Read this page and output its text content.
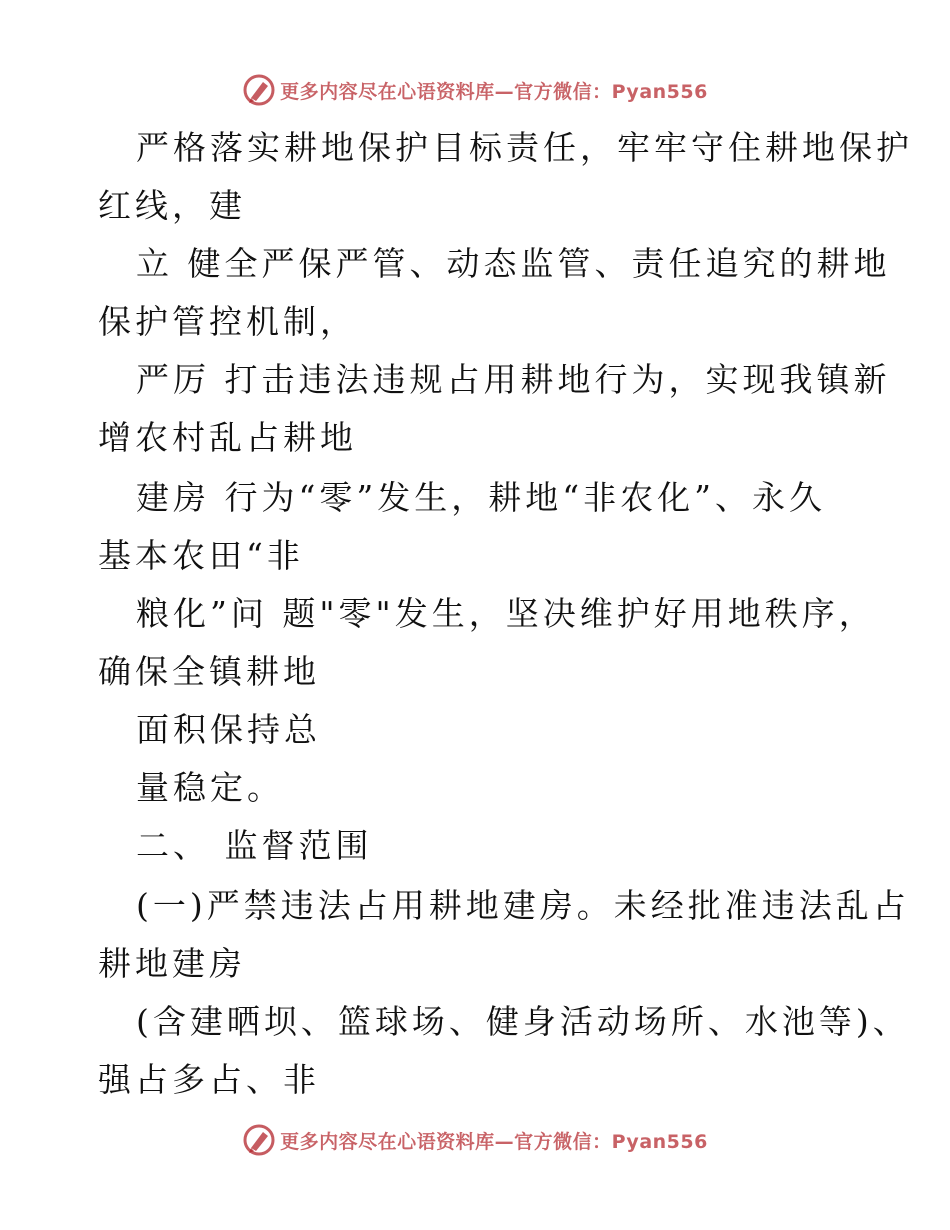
更多内容尽在心语资料库—官方微信：Pyan556
严格落实耕地保护目标责任，牢牢守住耕地保护
红线，建
立 健全严保严管、动态监管、责任追究的耕地
保护管控机制，
严厉 打击违法违规占用耕地行为，实现我镇新
增农村乱占耕地
建房 行为“零”发生，耕地“非农化”、永久
基本农田“非
粮化”问 题"零"发生，坚决维护好用地秩序，
确保全镇耕地
面积保持总
量稳定。
二、 监督范围
(一)严禁违法占用耕地建房。未经批准违法乱占
耕地建房
(含建晒坝、篮球场、健身活动场所、水池等)、
强占多占、非
更多内容尽在心语资料库—官方微信：Pyan556
